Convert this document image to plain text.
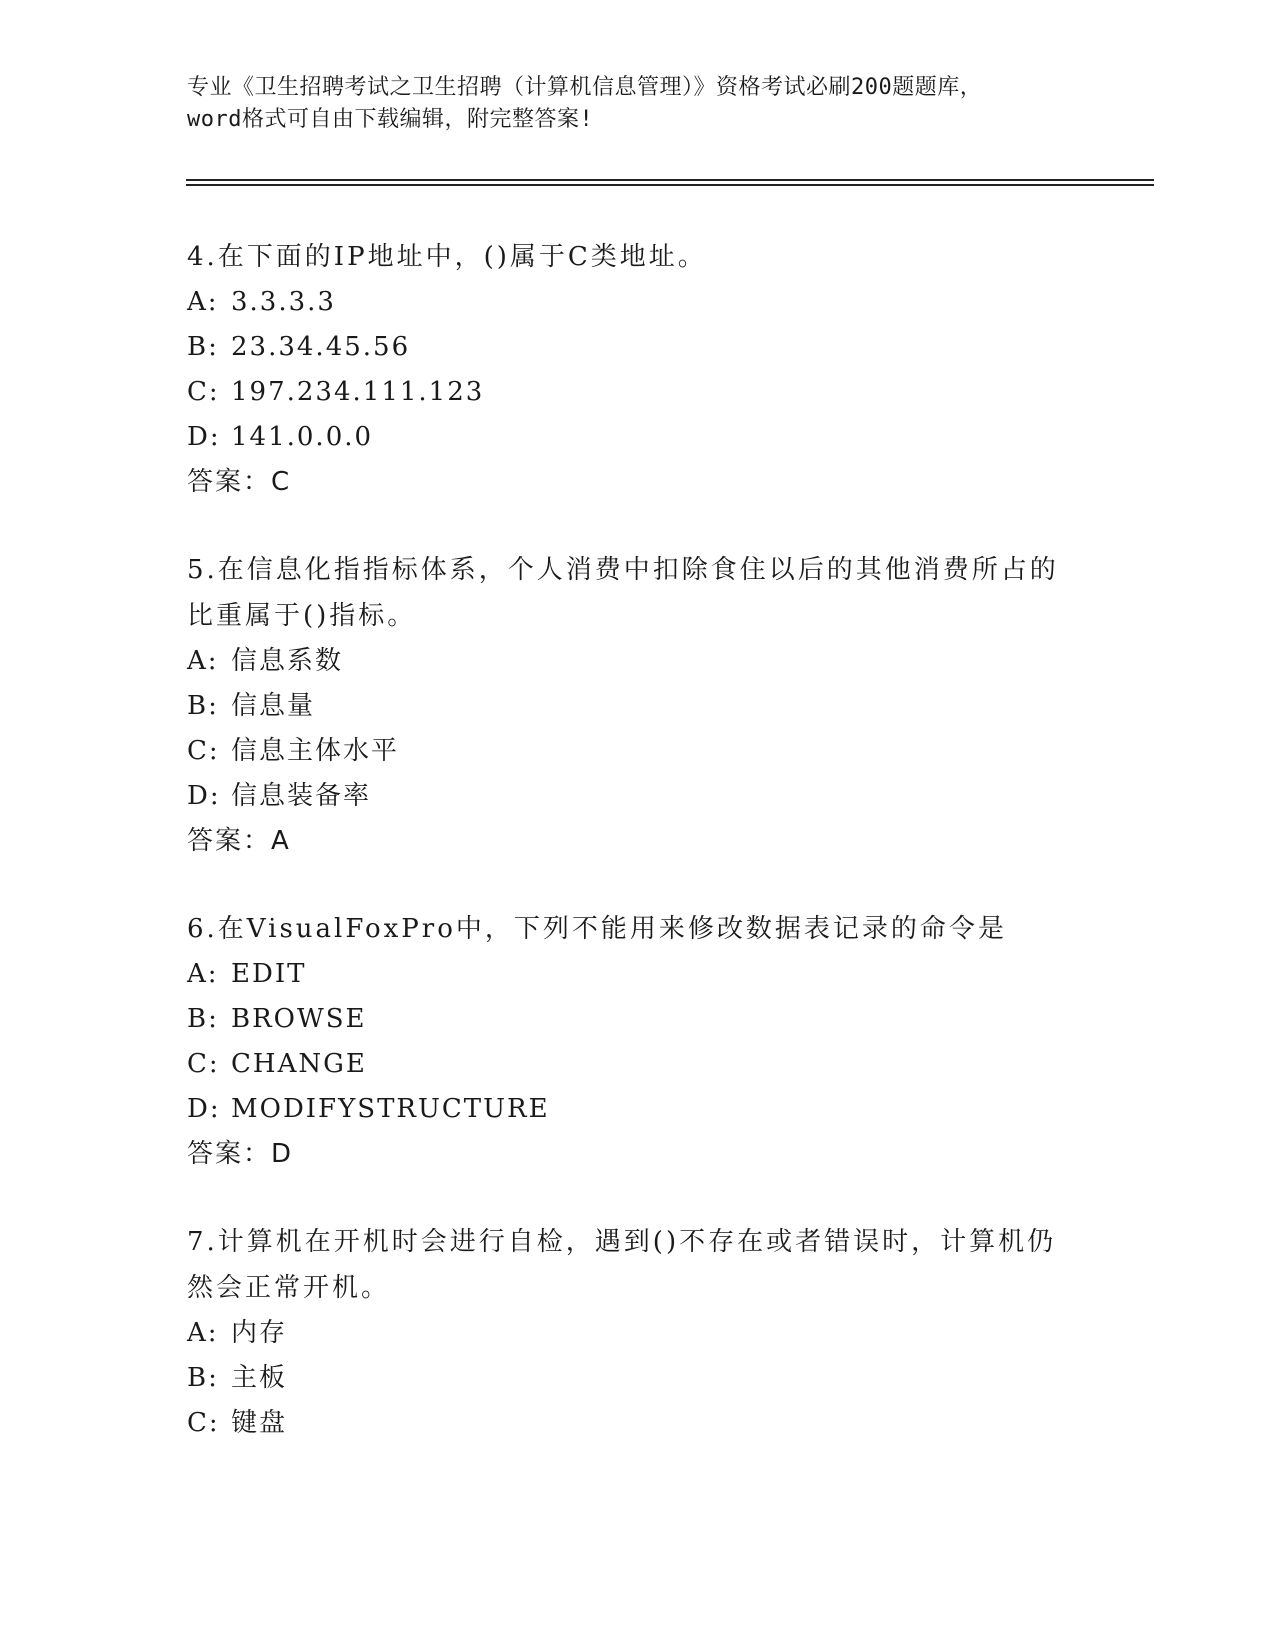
专业《卫生招聘考试之卫生招聘（计算机信息管理）》资格考试必刷200题题库，
word格式可自由下载编辑，附完整答案!
4.在下面的IP地址中，()属于C类地址。
A: 3.3.3.3
B: 23.34.45.56
C: 197.234.111.123
D: 141.0.0.0
答案：C
5.在信息化指指标体系，个人消费中扣除食住以后的其他消费所占的
比重属于()指标。
A: 信息系数
B: 信息量
C: 信息主体水平
D: 信息装备率
答案：A
6.在VisualFoxPro中，下列不能用来修改数据表记录的命令是
A: EDIT
B: BROWSE
C: CHANGE
D: MODIFYSTRUCTURE
答案：D
7.计算机在开机时会进行自检，遇到()不存在或者错误时，计算机仍
然会正常开机。
A: 内存
B: 主板
C: 键盘
